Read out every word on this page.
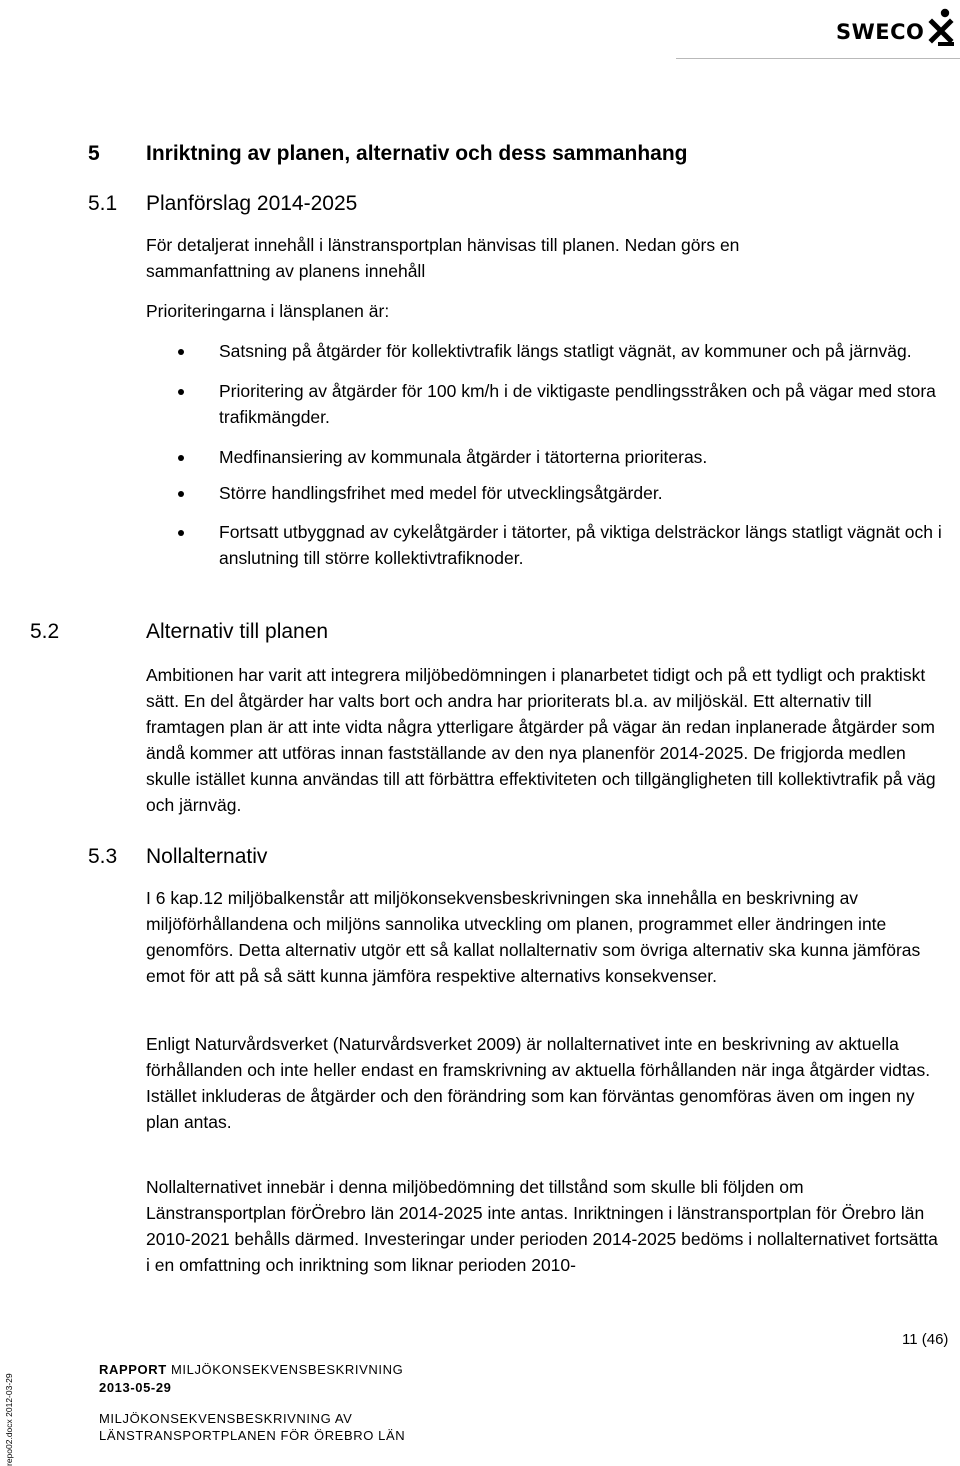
SWECO
5 Inriktning av planen, alternativ och dess sammanhang
5.1 Planförslag 2014-2025

För detaljerat innehåll i länstransportplan hänvisas till planen. Nedan görs en sammanfattning av planens innehåll

Prioriteringarna i länsplanen är:

Satsning på åtgärder för kollektivtrafik längs statligt vägnät, av kommuner och på järnväg.
Prioritering av åtgärder för 100 km/h i de viktigaste pendlingsstråken och på vägar med stora trafikmängder.
Medfinansiering av kommunala åtgärder i tätorterna prioriteras.
Större handlingsfrihet med medel för utvecklingsåtgärder.
Fortsatt utbyggnad av cykelåtgärder i tätorter, på viktiga delsträckor längs statligt vägnät och i anslutning till större kollektivtrafiknoder.
5.2	Alternativ till planen

Ambitionen har varit att integrera miljöbedömningen i planarbetet tidigt och på ett tydligt och praktiskt sätt. En del åtgärder har valts bort och andra har prioriterats bl.a. av miljöskäl. Ett alternativ till framtagen plan är att inte vidta några ytterligare åtgärder på vägar än redan inplanerade åtgärder som ändå kommer att utföras innan fastställande av den nya planenför 2014-2025. De frigjorda medlen skulle istället kunna användas till att förbättra effektiviteten och tillgängligheten till kollektivtrafik på väg och järnväg.

5.3 Nollalternativ

I 6 kap.12 miljöbalkenstår att miljökonsekvensbeskrivningen ska innehålla en beskrivning av miljöförhållandena och miljöns sannolika utveckling om planen, programmet eller ändringen inte genomförs. Detta alternativ utgör ett så kallat nollalternativ som övriga alternativ ska kunna jämföras emot för att på så sätt kunna jämföra respektive alternativs konsekvenser.

Enligt Naturvårdsverket (Naturvårdsverket 2009) är nollalternativet inte en beskrivning av aktuella förhållanden och inte heller endast en framskrivning av aktuella förhållanden när inga åtgärder vidtas. Istället inkluderas de åtgärder och den förändring som kan förväntas genomföras även om ingen ny plan antas.

Nollalternativet innebär i denna miljöbedömning det tillstånd som skulle bli följden om Länstransportplan förÖrebro län 2014-2025 inte antas. Inriktningen i länstransportplan för Örebro län 2010-2021 behålls därmed. Investeringar under perioden 2014-2025 bedöms i nollalternativet fortsätta i en omfattning och inriktning som liknar perioden 2010-

11 (46)
RAPPORT MILJÖKONSEKVENSBESKRIVNING
2013-05-29
MILJÖKONSEKVENSBESKRIVNING AV
LÄNSTRANSPORTPLANEN FÖR ÖREBRO LÄN
repo02.docx 2012-03-29
